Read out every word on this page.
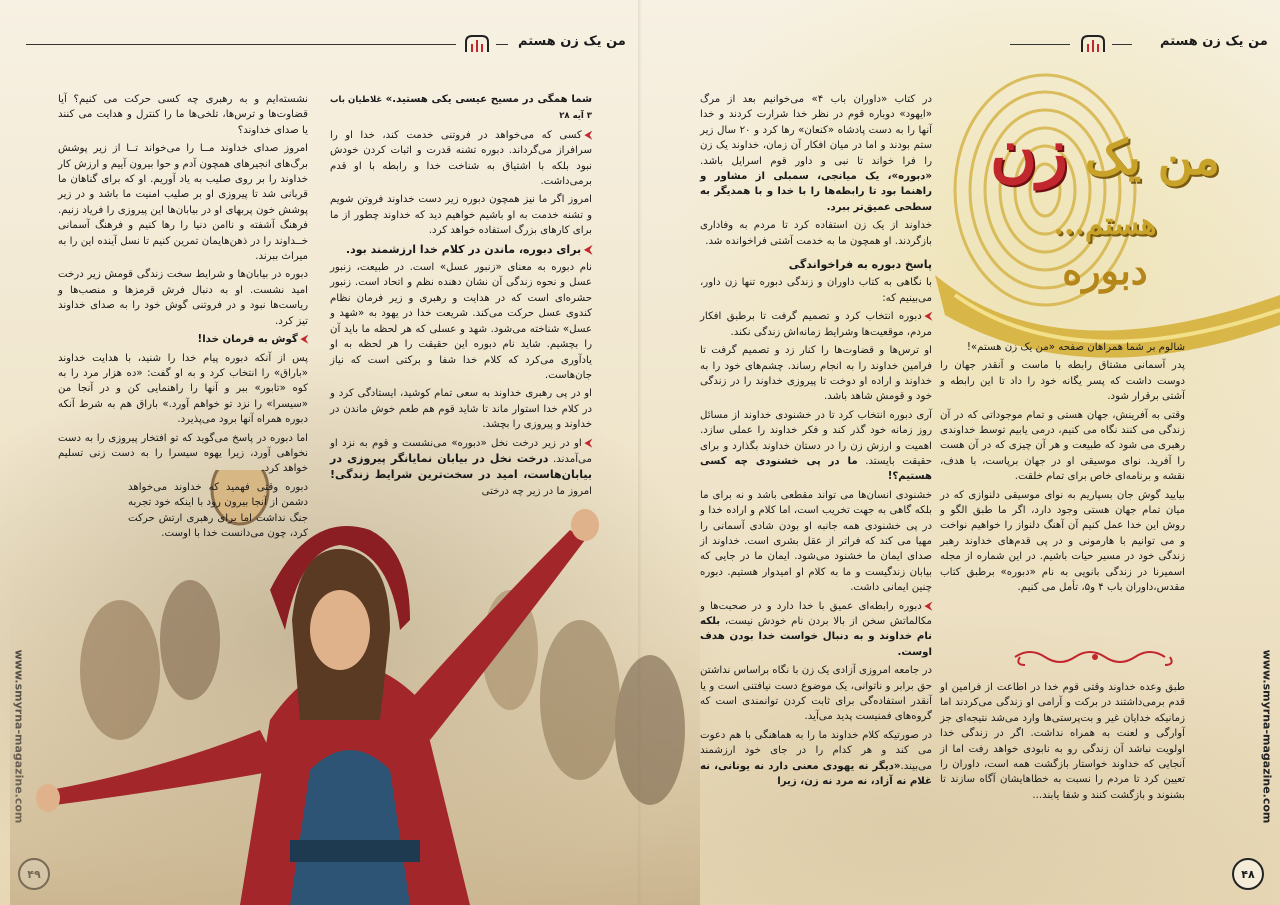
من یک زن هستم	من یک زن هستم
www.smyrna-magazine.com
۴۸
من یک زن هستم...
دبوره

شالوم بر شما همراهان صفحه «من یک زن هستم»!

پدر آسمانی مشتاق رابطه با ماست و آنقدر جهان را دوست داشت که پسر یگانه خود را داد تا این رابطه و آشتی برقرار شود.

وقتی به آفرینش، جهان هستی و تمام موجوداتی که در آن زندگی می کنند نگاه می کنیم، درمی یابیم توسط خداوندی رهبری می شود که طبیعت و هر آن چیزی که در آن هست را آفرید. نوای موسیقی او در جهان برپاست، با هدف، نقشه و برنامه‌ای خاص برای تمام خلقت.

بیایید گوش جان بسپاریم به نوای موسیقی دلنوازی که در میان تمام جهان هستی وجود دارد، اگر ما طبق الگو و روش این خدا عمل کنیم آن آهنگ دلنواز را خواهیم نواخت و می توانیم با هارمونی و در پی قدم‌های خداوند رهبر زندگی خود در مسیر حیات باشیم. در این شماره از مجله اسمیرنا در زندگی بانویی به نام «دبوره» برطبق کتاب مقدس،داوران باب ۴ و۵، تأمل می کنیم.

طبق وعده خداوند وقتی قوم خدا در اطاعت از فرامین او قدم برمی‌داشتند در برکت و آرامی او زندگی می‌کردند اما زمانیکه خدایان غیر و بت‌پرستی‌ها وارد می‌شد نتیجه‌ای جز آوارگی و لعنت به همراه نداشت. اگر در زندگی خدا اولویت نباشد آن زندگی رو به نابودی خواهد رفت اما از آنجایی که خداوند خواستار بازگشت همه است، داوران را تعیین کرد تا مردم را نسبت به خطاهایشان آگاه سازند تا بشنوند و بازگشت کنند و شفا یابند...

در کتاب «داوران باب ۴» می‌خوانیم بعد از مرگ «ایهود» دوباره قوم در نظر خدا شرارت کردند و خدا آنها را به دست پادشاه «کنعان» رها کرد و ۲۰ سال زیر ستم بودند و اما در میان افکار آن زمان، خداوند یک زن را فرا خواند تا نبی و داور قوم اسرایل باشد. «دبوره»، یک میانجی، سمبلی از مشاور و راهنما بود تا رابطه‌ها را با خدا و با همدیگر به سطحی عمیق‌تر ببرد.

خداوند از یک زن استفاده کرد تا مردم به وفاداری بازگردند. او همچون ما به خدمت آشتی فراخوانده شد.

پاسخ دبوره به فراخواندگی

با نگاهی به کتاب داوران و زندگی دبوره تنها زن داور، می‌بینیم که:

⮜دبوره انتخاب کرد و تصمیم گرفت تا برطبق افکار مردم، موقعیت‌ها وشرایط زمانه‌اش زندگی نکند.

او ترس‌ها و قضاوت‌ها را کنار زد و تصمیم گرفت تا فرامین خداوند را به انجام رساند. چشم‌های خود را به خداوند و اراده او دوخت تا پیروزی خداوند را در زندگی خود و قومش شاهد باشد.

آری دبوره انتخاب کرد تا در خشنودی خداوند از مسائل روز زمانه خود گذر کند و فکر خداوند را عملی سازد. اهمیت و ارزش زن را در دستان خداوند بگذارد و برای حقیقت بایستد. ما در پی خشنودی چه کسی هستیم؟!

خشنودی انسان‌ها می تواند مقطعی باشد و نه برای ما بلکه گاهی به جهت تخریب است، اما کلام و اراده خدا و در پی خشنودی همه جانبه او بودن شادی آسمانی را مهیا می کند که فراتر از عقل بشری است. خداوند از صدای ایمان ما خشنود می‌شود. ایمان ما در جایی که بیابان زندگیست و ما به کلام او امیدوار هستیم. دبوره چنین ایمانی داشت.

⮜دبوره رابطه‌ای عمیق با خدا دارد و در صحبت‌ها و مکالماتش سخن از بالا بردن نام خودش نیست، بلکه نام خداوند و به دنبال خواست خدا بودن هدف اوست.

در جامعه امروزی آزادی یک زن با نگاه براساس نداشتن حق برابر و ناتوانی، یک موضوع دست نیافتنی است و یا آنقدر استفاده‌گی برای ثابت کردن توانمندی است که گروه‌های فمنیست پدید می‌آید.

در صورتیکه کلام خداوند ما را به هماهنگی با هم دعوت می کند و هر کدام را در جای خود ارزشمند می‌بیند.«دیگر نه یهودی معنی دارد نه یونانی، نه غلام نه آزاد، نه مرد نه زن، زیرا

شما همگی در مسیح عیسی یکی هستید.» غلاطیان باب ۳ آیه ۲۸

⮜کسی که می‌خواهد در فروتنی خدمت کند، خدا او را سرافراز می‌گرداند. دبوره تشنه قدرت و اثبات کردن خودش نبود بلکه با اشتیاق به شناخت خدا و رابطه با او قدم برمی‌داشت.

امروز اگر ما نیز همچون دبوره زیر دست خداوند فروتن شویم و تشنه خدمت به او باشیم خواهیم دید که خداوند چطور از ما برای کارهای بزرگ استفاده خواهد کرد.

⮜برای دبوره، ماندن در کلام خدا ارزشمند بود.

نام دبوره به معنای «زنبور عسل» است. در طبیعت، زنبور عسل و نحوه زندگی آن نشان دهنده نظم و اتحاد است. زنبور حشره‌ای است که در هدایت و رهبری و زیر فرمان نظام کندوی عسل حرکت می‌کند. شریعت خدا در یهود به «شهد و عسل» شناخته می‌شود. شهد و عسلی که هر لحظه ما باید آن را بچشیم. شاید نام دبوره این حقیقت را هر لحظه به او یادآوری می‌کرد که کلام خدا شفا و برکتی است که نیاز جان‌هاست.

او در پی رهبری خداوند به سعی تمام کوشید، ایستادگی کرد و در کلام خدا استوار ماند تا شاید قوم هم طعم خوش ماندن در خداوند و پیروزی را بچشد.

⮜او در زیر درخت نخل «دبوره» می‌نشست و قوم به نزد او می‌آمدند. درخت نخل در بیابان نمایانگر پیروزی در بیابان‌هاست، امید در سخت‌ترین شرایط زندگی! امروز ما در زیر چه درختی

نشسته‌ایم و به رهبری چه کسی حرکت می کنیم؟ آیا قضاوت‌ها و ترس‌ها، تلخی‌ها ما را کنترل و هدایت می کنند یا صدای خداوند؟

امروز صدای خداوند مــا را می‌خواند تــا از زیر پوشش برگ‌های انجیرهای همچون آدم و حوا بیرون آییم و ارزش کار خداوند را بر روی صلیب به یاد آوریم. او که برای گناهان ما قربانی شد تا پیروزی او بر صلیب امنیت ما باشد و در زیر پوشش خون پربهای او در بیابان‌ها این پیروزی را فریاد زنیم. فرهنگ آشفته و ناامن دنیا را رها کنیم و فرهنگ آسمانی خــداوند را در ذهن‌هایمان تمرین کنیم تا نسل آینده این را به میراث ببرند.

دبوره در بیابان‌ها و شرایط سخت زندگی قومش زیر درخت امید نشست. او به دنبال فرش قرمزها و منصب‌ها و ریاست‌ها نبود و در فروتنی گوش خود را به صدای خداوند تیز کرد.

⮜گوش به فرمان خدا!

پس از آنکه دبوره پیام خدا را شنید، با هدایت خداوند «باراق» را انتخاب کرد و به او گفت: «ده هزار مرد را به کوه «تابور» ببر و آنها را راهنمایی کن و در آنجا من «سیسرا» را نزد تو خواهم آورد.» باراق هم به شرط آنکه دبوره همراه آنها برود می‌پذیرد.

اما دبوره در پاسخ می‌گوید که تو افتخار پیروزی را به دست نخواهی آورد، زیرا یهوه سیسرا را به دست زنی تسلیم خواهد کرد.

دبوره وقتی فهمید که خداوند می‌خواهد دشمن از آنجا بیرون رود با اینکه خود تجربه جنگ نداشت اما برای رهبری ارتش حرکت کرد، چون می‌دانست خدا با اوست.
